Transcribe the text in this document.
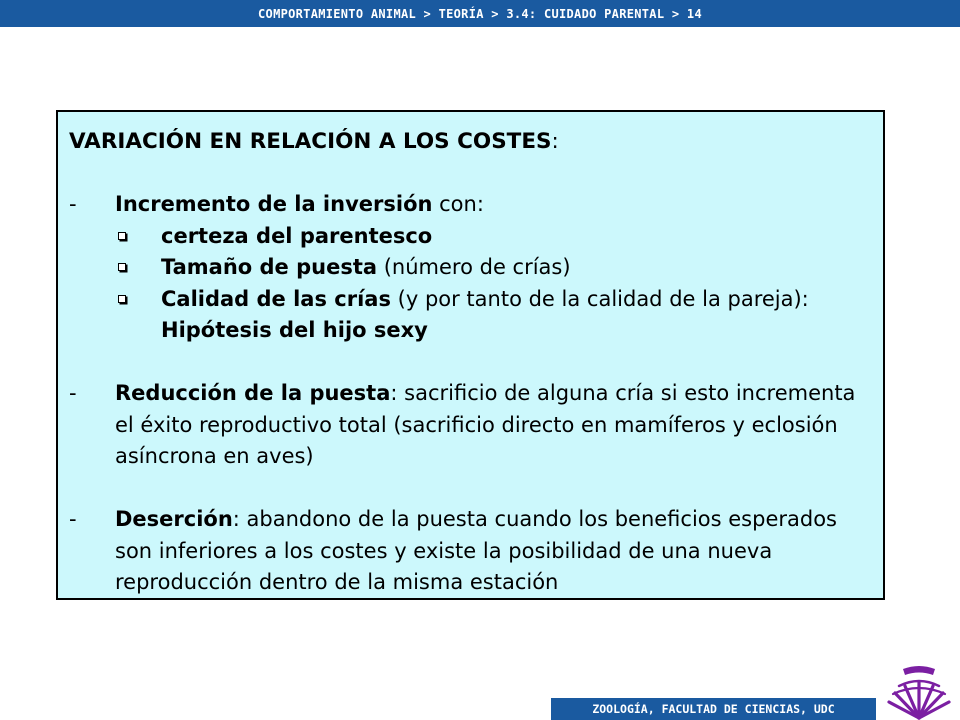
COMPORTAMIENTO ANIMAL > TEORÍA > 3.4: CUIDADO PARENTAL > 14
VARIACIÓN EN RELACIÓN A LOS COSTES:
-	Incremento de la inversión con:
certeza del parentesco
Tamaño de puesta (número de crías)
Calidad de las crías (y por tanto de la calidad de la pareja): Hipótesis del hijo sexy
-	Reducción de la puesta: sacrificio de alguna cría si esto incrementa el éxito reproductivo total (sacrificio directo en mamíferos y eclosión asíncrona en aves)
-	Deserción: abandono de la puesta cuando los beneficios esperados son inferiores a los costes y existe la posibilidad de una nueva reproducción dentro de la misma estación
ZOOLOGÍA, FACULTAD DE CIENCIAS, UDC
